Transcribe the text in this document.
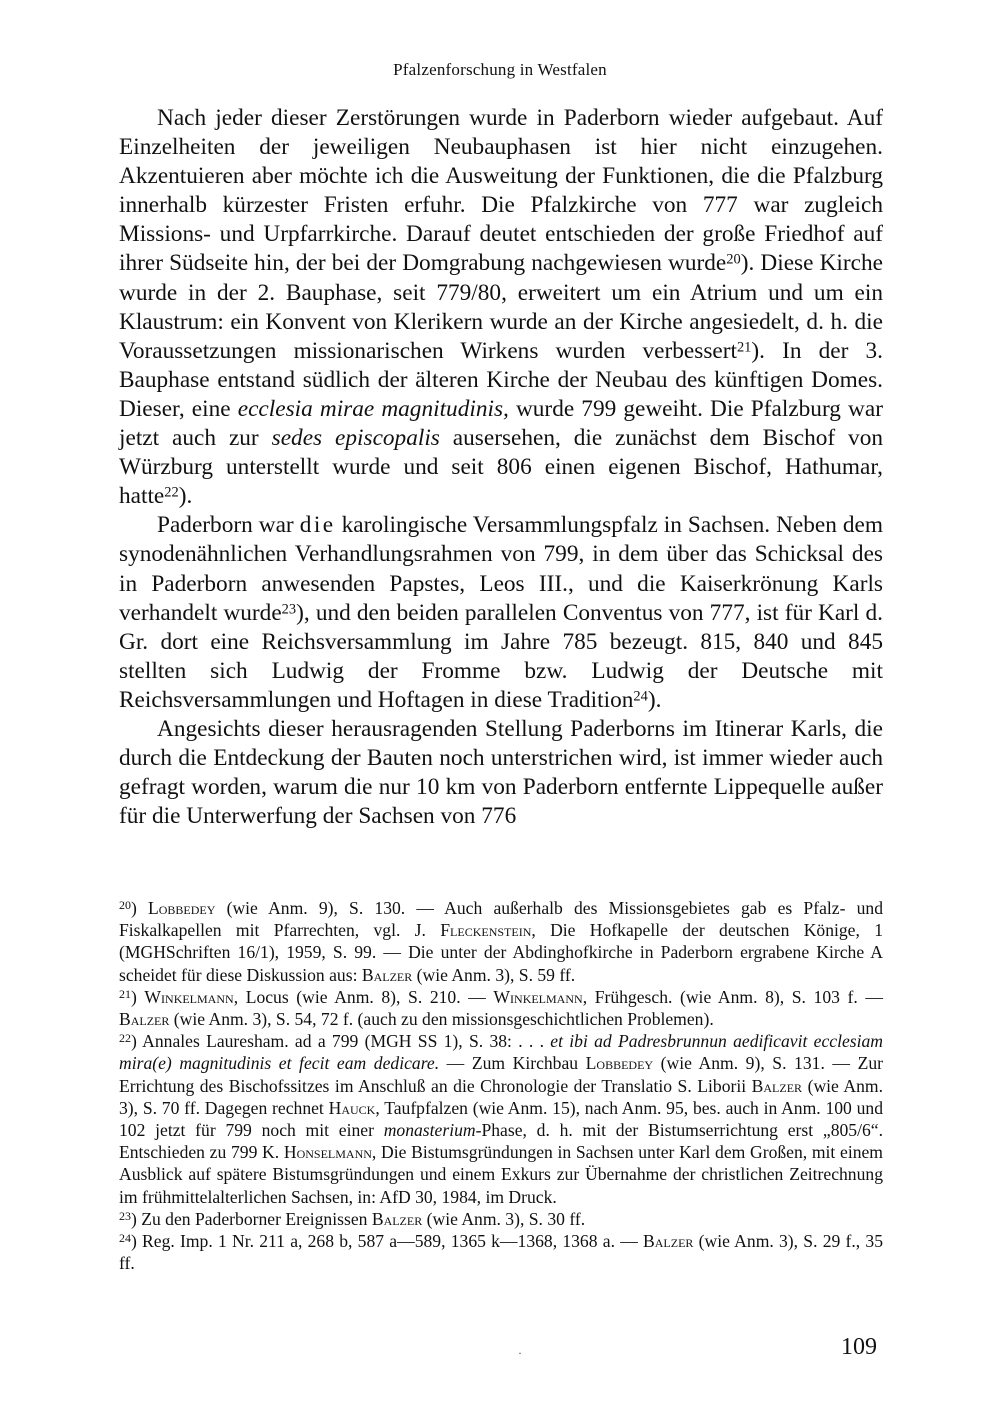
Pfalzenforschung in Westfalen

Nach jeder dieser Zerstörungen wurde in Paderborn wieder aufgebaut. Auf Einzelheiten der jeweiligen Neubauphasen ist hier nicht einzugehen. Akzentuieren aber möchte ich die Ausweitung der Funktionen, die die Pfalzburg innerhalb kürzester Fristen erfuhr. Die Pfalzkirche von 777 war zugleich Missions- und Urpfarrkirche. Darauf deutet entschieden der große Friedhof auf ihrer Südseite hin, der bei der Domgrabung nachgewiesen wurde$^{20}$). Diese Kirche wurde in der 2. Bauphase, seit 779/80, erweitert um ein Atrium und um ein Klaustrum: ein Konvent von Klerikern wurde an der Kirche angesiedelt, d. h. die Voraussetzungen missionarischen Wirkens wurden verbessert$^{21}$). In der 3. Bauphase entstand südlich der älteren Kirche der Neubau des künftigen Domes. Dieser, eine ecclesia mirae magnitudinis, wurde 799 geweiht. Die Pfalzburg war jetzt auch zur sedes episcopalis ausersehen, die zunächst dem Bischof von Würzburg unterstellt wurde und seit 806 einen eigenen Bischof, Hathumar, hatte$^{22}$).

Paderborn war die karolingische Versammlungspfalz in Sachsen. Neben dem synodenähnlichen Verhandlungsrahmen von 799, in dem über das Schicksal des in Paderborn anwesenden Papstes, Leos III., und die Kaiserkrönung Karls verhandelt wurde$^{23}$), und den beiden parallelen Conventus von 777, ist für Karl d. Gr. dort eine Reichsversammlung im Jahre 785 bezeugt. 815, 840 und 845 stellten sich Ludwig der Fromme bzw. Ludwig der Deutsche mit Reichsversammlungen und Hoftagen in diese Tradition$^{24}$).

Angesichts dieser herausragenden Stellung Paderborns im Itinerar Karls, die durch die Entdeckung der Bauten noch unterstrichen wird, ist immer wieder auch gefragt worden, warum die nur 10 km von Paderborn entfernte Lippequelle außer für die Unterwerfung der Sachsen von 776

$^{20}$) Lobbedey (wie Anm. 9), S. 130. — Auch außerhalb des Missionsgebietes gab es Pfalz- und Fiskalkapellen mit Pfarrechten, vgl. J. Fleckenstein, Die Hofkapelle der deutschen Könige, 1 (MGHSchriften 16/1), 1959, S. 99. — Die unter der Abdinghofkirche in Paderborn ergrabene Kirche A scheidet für diese Diskussion aus: Balzer (wie Anm. 3), S. 59 ff.

$^{21}$) Winkelmann, Locus (wie Anm. 8), S. 210. — Winkelmann, Frühgesch. (wie Anm. 8), S. 103 f. — Balzer (wie Anm. 3), S. 54, 72 f. (auch zu den missionsgeschichtlichen Problemen).

$^{22}$) Annales Lauresham. ad a 799 (MGH SS 1), S. 38: . . . et ibi ad Padresbrunnun aedificavit ecclesiam mira(e) magnitudinis et fecit eam dedicare. — Zum Kirchbau Lobbedey (wie Anm. 9), S. 131. — Zur Errichtung des Bischofssitzes im Anschluß an die Chronologie der Translatio S. Liborii Balzer (wie Anm. 3), S. 70 ff. Dagegen rechnet Hauck, Taufpfalzen (wie Anm. 15), nach Anm. 95, bes. auch in Anm. 100 und 102 jetzt für 799 noch mit einer monasterium-Phase, d. h. mit der Bistumserrichtung erst „805/6“. Entschieden zu 799 K. Honselmann, Die Bistumsgründungen in Sachsen unter Karl dem Großen, mit einem Ausblick auf spätere Bistumsgründungen und einem Exkurs zur Übernahme der christlichen Zeitrechnung im frühmittelalterlichen Sachsen, in: AfD 30, 1984, im Druck.

$^{23}$) Zu den Paderborner Ereignissen Balzer (wie Anm. 3), S. 30 ff.

$^{24}$) Reg. Imp. 1 Nr. 211 a, 268 b, 587 a—589, 1365 k—1368, 1368 a. — Balzer (wie Anm. 3), S. 29 f., 35 ff.

·	109
